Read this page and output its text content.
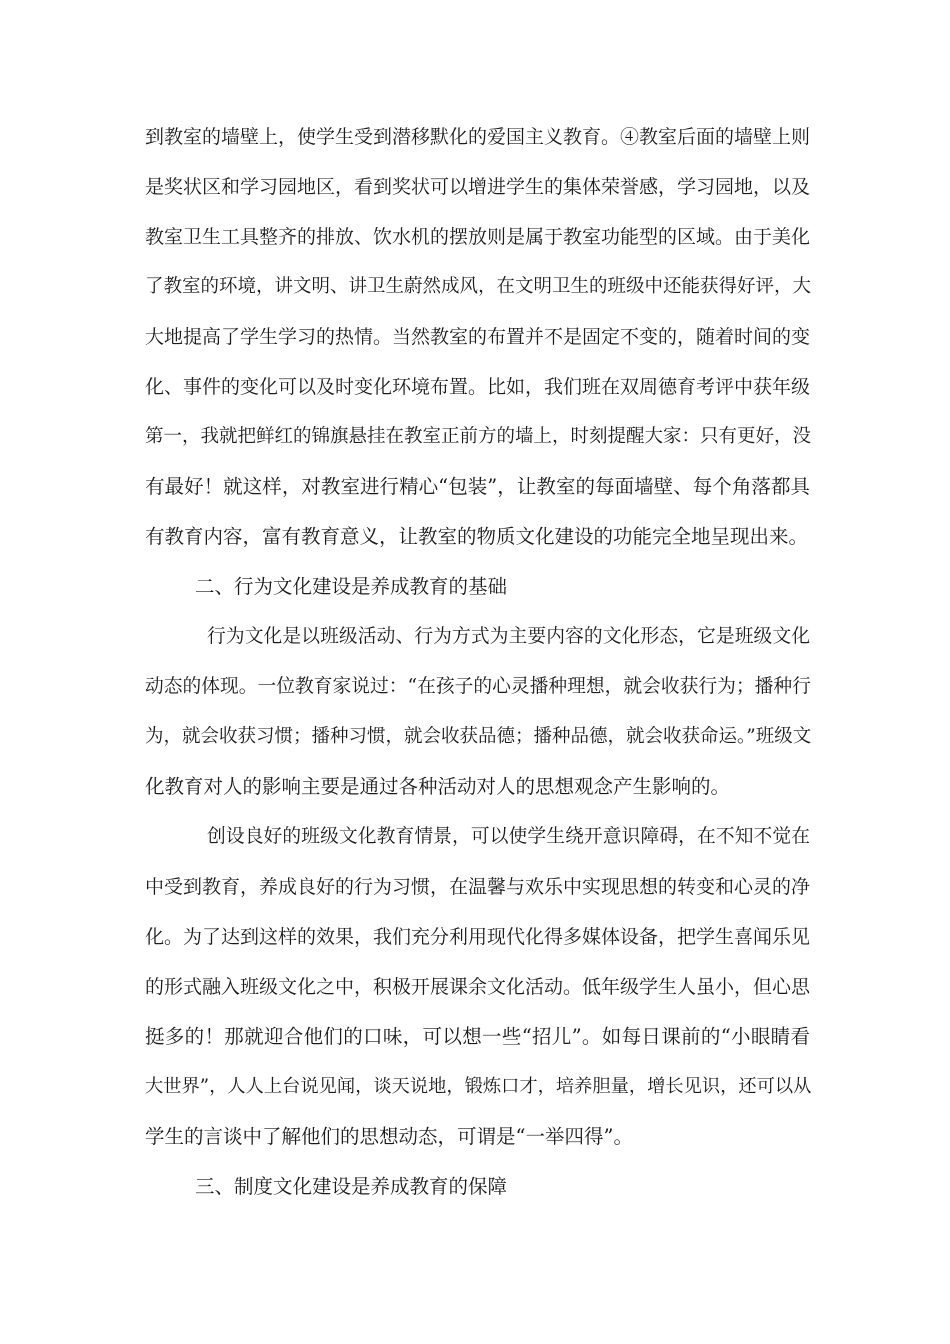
到教室的墙壁上，使学生受到潜移默化的爱国主义教育。④教室后面的墙壁上则
是奖状区和学习园地区，看到奖状可以增进学生的集体荣誉感，学习园地，以及
教室卫生工具整齐的排放、饮水机的摆放则是属于教室功能型的区域。由于美化
了教室的环境，讲文明、讲卫生蔚然成风，在文明卫生的班级中还能获得好评，大
大地提高了学生学习的热情。当然教室的布置并不是固定不变的，随着时间的变
化、事件的变化可以及时变化环境布置。比如，我们班在双周德育考评中获年级
第一，我就把鲜红的锦旗悬挂在教室正前方的墙上，时刻提醒大家：只有更好，没
有最好！就这样，对教室进行精心“包装”，让教室的每面墙壁、每个角落都具
有教育内容，富有教育意义，让教室的物质文化建设的功能完全地呈现出来。
二、行为文化建设是养成教育的基础
行为文化是以班级活动、行为方式为主要内容的文化形态，它是班级文化
动态的体现。一位教育家说过：“在孩子的心灵播种理想，就会收获行为；播种行
为，就会收获习惯；播种习惯，就会收获品德；播种品德，就会收获命运。”班级文
化教育对人的影响主要是通过各种活动对人的思想观念产生影响的。
创设良好的班级文化教育情景，可以使学生绕开意识障碍，在不知不觉在
中受到教育，养成良好的行为习惯，在温馨与欢乐中实现思想的转变和心灵的净
化。为了达到这样的效果，我们充分利用现代化得多媒体设备，把学生喜闻乐见
的形式融入班级文化之中，积极开展课余文化活动。低年级学生人虽小，但心思
挺多的！那就迎合他们的口味，可以想一些“招儿”。如每日课前的“小眼睛看
大世界”，人人上台说见闻，谈天说地，锻炼口才，培养胆量，增长见识，还可以从
学生的言谈中了解他们的思想动态，可谓是“一举四得”。
三、制度文化建设是养成教育的保障
